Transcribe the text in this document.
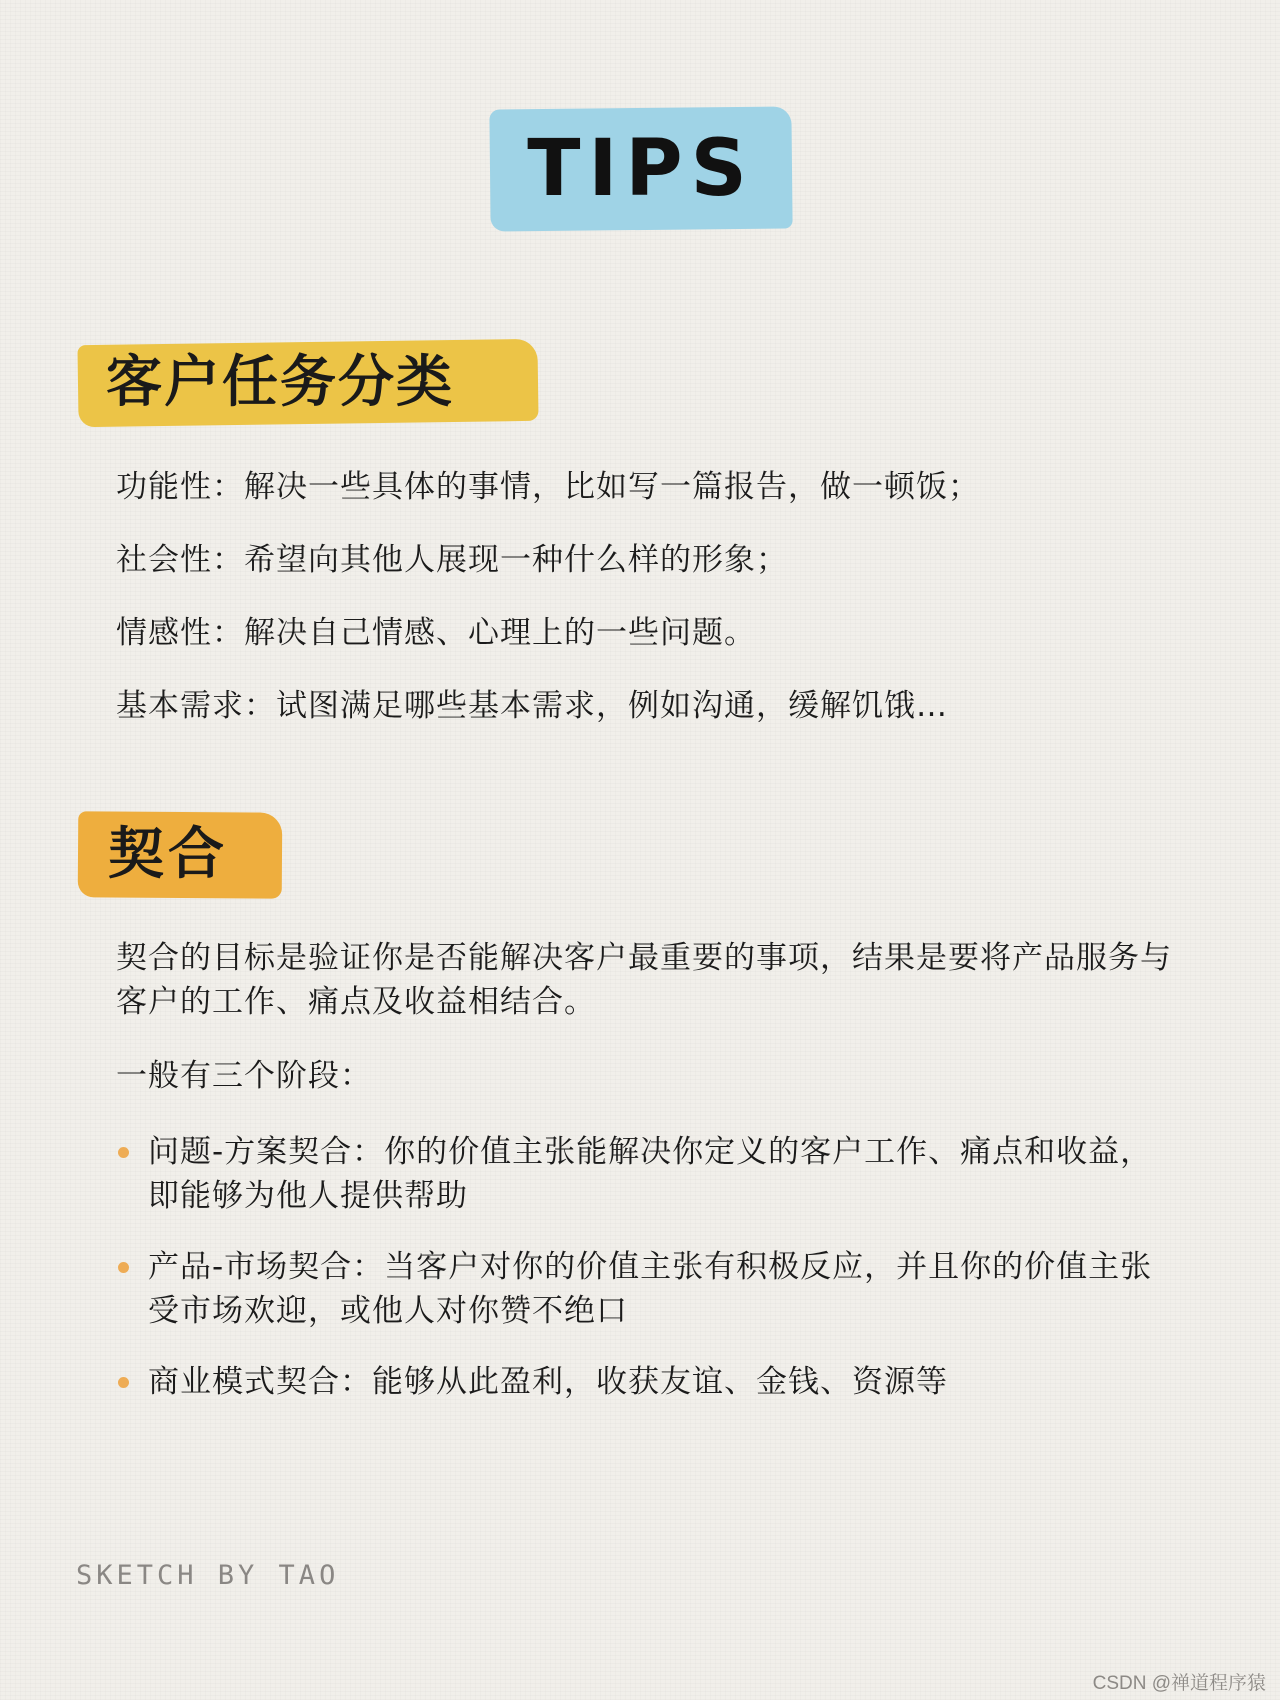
TIPS
客户任务分类
功能性：解决一些具体的事情，比如写一篇报告，做一顿饭；
社会性：希望向其他人展现一种什么样的形象；
情感性：解决自己情感、心理上的一些问题。
基本需求：试图满足哪些基本需求，例如沟通，缓解饥饿…
契合

契合的目标是验证你是否能解决客户最重要的事项，结果是要将产品服务与客户的工作、痛点及收益相结合。

一般有三个阶段：

问题-方案契合：你的价值主张能解决你定义的客户工作、痛点和收益，即能够为他人提供帮助
产品-市场契合：当客户对你的价值主张有积极反应，并且你的价值主张受市场欢迎，或他人对你赞不绝口
商业模式契合：能够从此盈利，收获友谊、金钱、资源等

SKETCH BY TAO

CSDN @禅道程序猿
